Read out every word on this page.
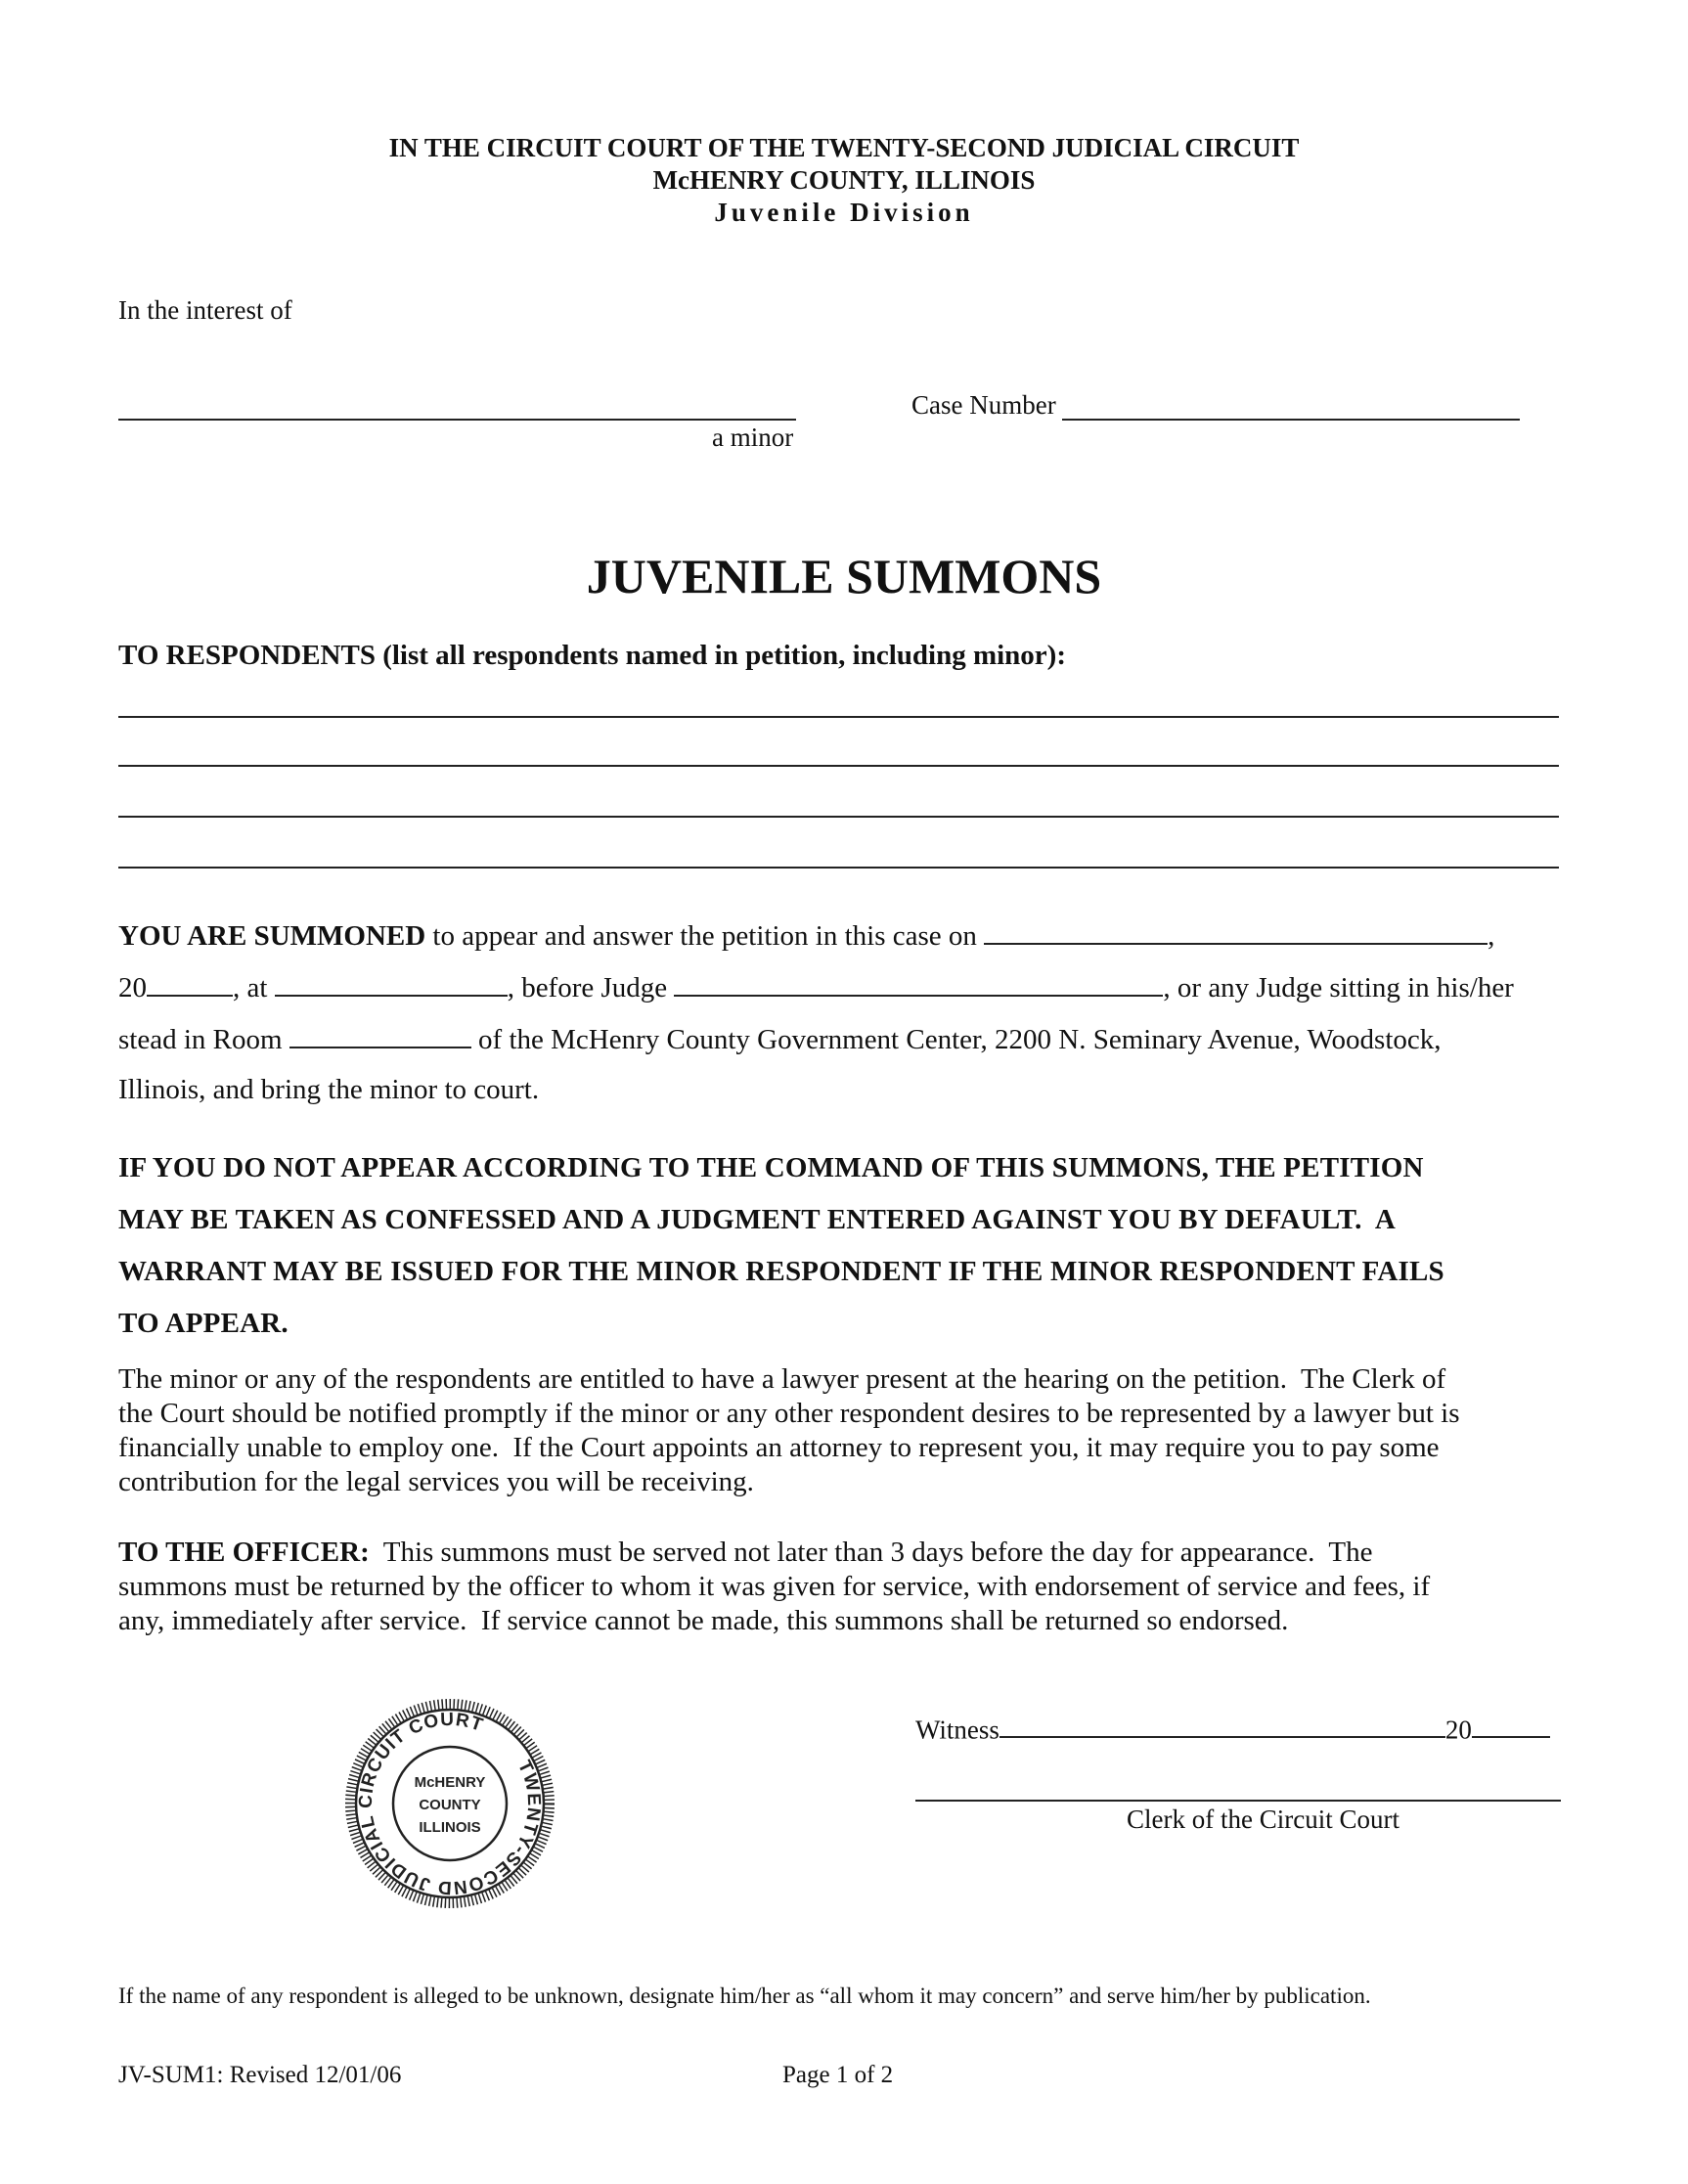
IN THE CIRCUIT COURT OF THE TWENTY-SECOND JUDICIAL CIRCUIT
McHENRY COUNTY, ILLINOIS
Juvenile Division
In the interest of
a minor
Case Number
JUVENILE SUMMONS
TO RESPONDENTS (list all respondents named in petition, including minor):
YOU ARE SUMMONED to appear and answer the petition in this case on	,
20	, at	, before Judge	, or any Judge sitting in his/her
stead in Room	of the McHenry County Government Center, 2200 N. Seminary Avenue, Woodstock,
Illinois, and bring the minor to court.
IF YOU DO NOT APPEAR ACCORDING TO THE COMMAND OF THIS SUMMONS, THE PETITION
MAY BE TAKEN AS CONFESSED AND A JUDGMENT ENTERED AGAINST YOU BY DEFAULT.  A
WARRANT MAY BE ISSUED FOR THE MINOR RESPONDENT IF THE MINOR RESPONDENT FAILS
TO APPEAR.
The minor or any of the respondents are entitled to have a lawyer present at the hearing on the petition.  The Clerk of
the Court should be notified promptly if the minor or any other respondent desires to be represented by a lawyer but is
financially unable to employ one.  If the Court appoints an attorney to represent you, it may require you to pay some
contribution for the legal services you will be receiving.
TO THE OFFICER: This summons must be served not later than 3 days before the day for appearance.  The
summons must be returned by the officer to whom it was given for service, with endorsement of service and fees, if
any, immediately after service.  If service cannot be made, this summons shall be returned so endorsed.
TWENTY-SECOND JUDICIAL CIRCUIT COURT
McHENRY
COUNTY
ILLINOIS
Witness	20
Clerk of the Circuit Court
If the name of any respondent is alleged to be unknown, designate him/her as “all whom it may concern” and serve him/her by publication.
JV-SUM1: Revised 12/01/06	Page 1 of 2
